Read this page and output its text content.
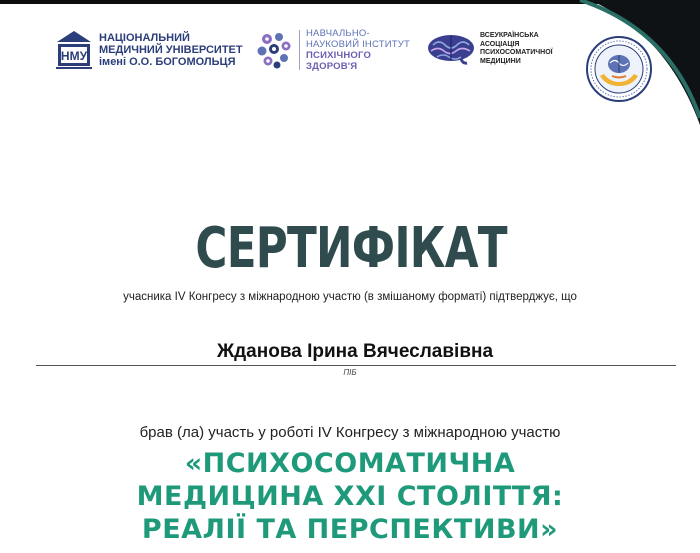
НМУ
НАЦІОНАЛЬНИЙ
МЕДИЧНИЙ УНІВЕРСИТЕТ
імені О.О. БОГОМОЛЬЦЯ
НАВЧАЛЬНО-
НАУКОВИЙ ІНСТИТУТ
ПСИХІЧНОГО
ЗДОРОВ'Я
ВСЕУКРАЇНСЬКА
АСОЦІАЦІЯ
ПСИХОСОМАТИЧНОЇ
МЕДИЦИНИ
СЕРТИФІКАТ
учасника IV Конгресу з міжнародною участю (в змішаному форматі) підтверджує, що
Жданова Ірина Вячеславівна
ПІБ
брав (ла) участь у роботі IV Конгресу з міжнародною участю
«ПСИХОСОМАТИЧНА
МЕДИЦИНА XXI СТОЛІТТЯ:
РЕАЛІЇ ТА ПЕРСПЕКТИВИ»
